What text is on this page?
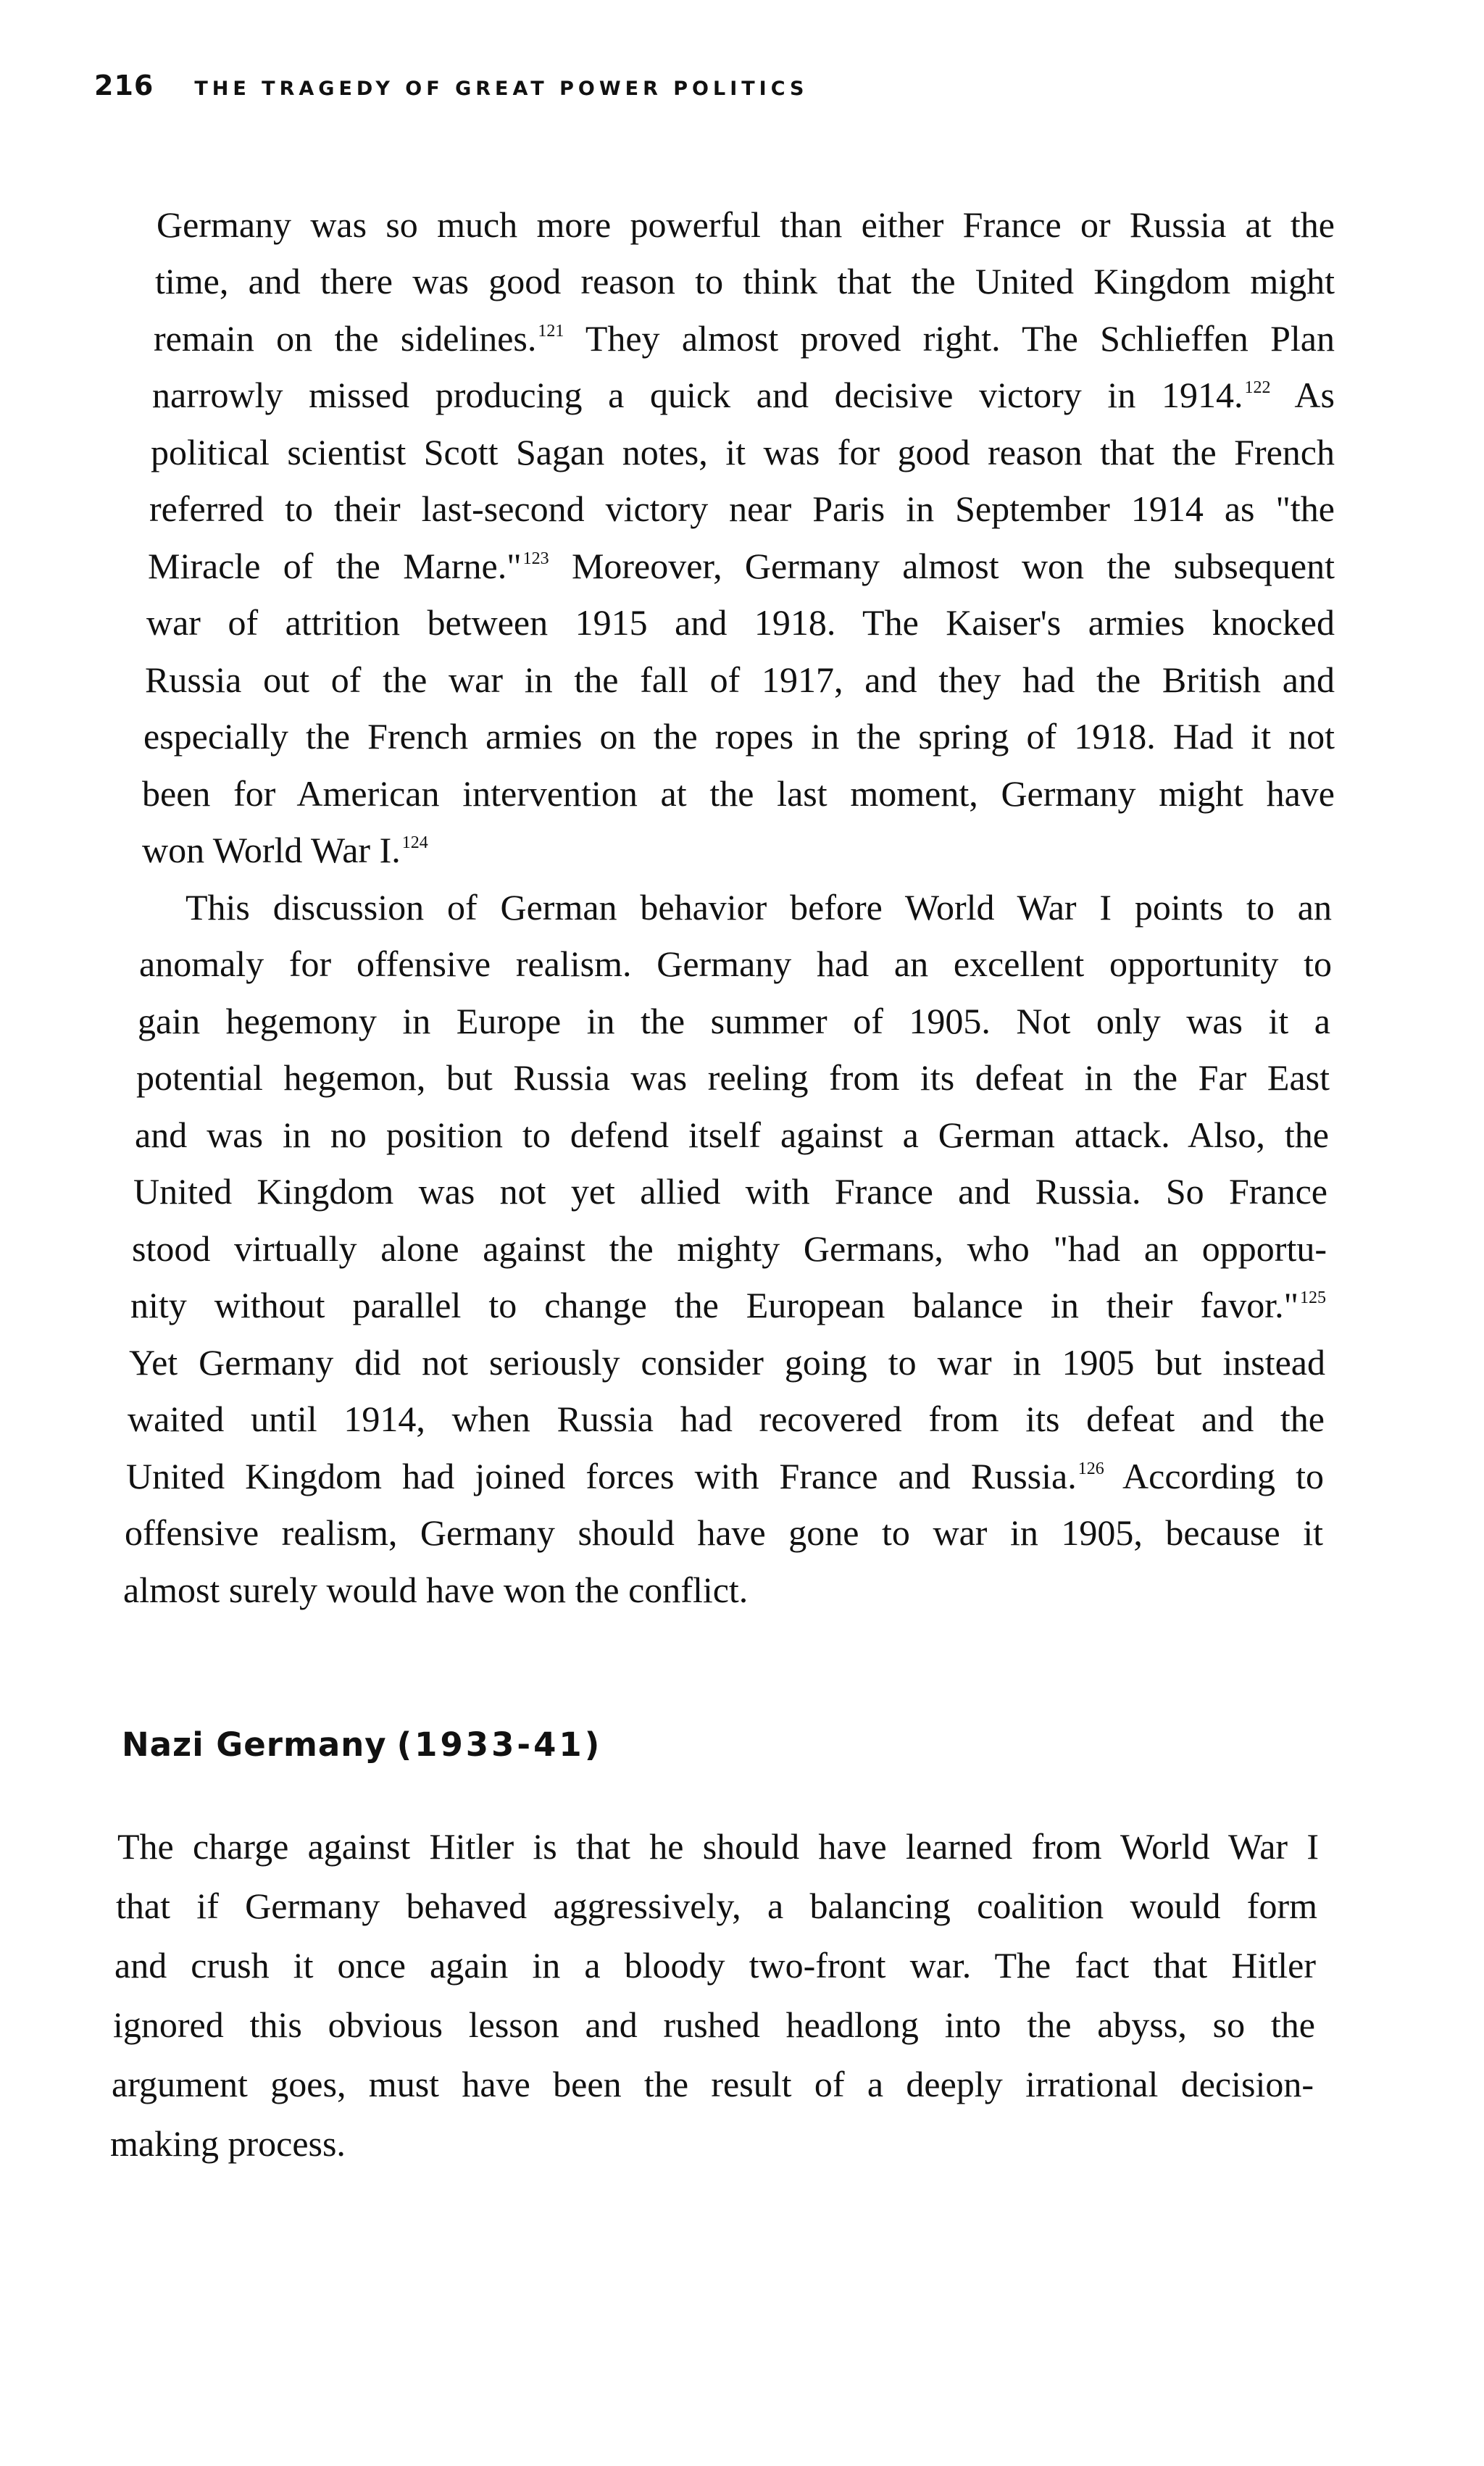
216 THE TRAGEDY OF GREAT POWER POLITICS
Germany was so much more powerful than either France or Russia at the
time, and there was good reason to think that the United Kingdom might
remain on the sidelines.$^{121}$ They almost proved right. The Schlieffen Plan
narrowly missed producing a quick and decisive victory in 1914.$^{122}$ As
political scientist Scott Sagan notes, it was for good reason that the French
referred to their last-second victory near Paris in September 1914 as "the
Miracle of the Marne."$^{123}$ Moreover, Germany almost won the subsequent
war of attrition between 1915 and 1918. The Kaiser's armies knocked
Russia out of the war in the fall of 1917, and they had the British and
especially the French armies on the ropes in the spring of 1918. Had it not
been for American intervention at the last moment, Germany might have
won World War I.$^{124}$
This discussion of German behavior before World War I points to an
anomaly for offensive realism. Germany had an excellent opportunity to
gain hegemony in Europe in the summer of 1905. Not only was it a
potential hegemon, but Russia was reeling from its defeat in the Far East
and was in no position to defend itself against a German attack. Also, the
United Kingdom was not yet allied with France and Russia. So France
stood virtually alone against the mighty Germans, who "had an opportu-
nity without parallel to change the European balance in their favor."$^{125}$
Yet Germany did not seriously consider going to war in 1905 but instead
waited until 1914, when Russia had recovered from its defeat and the
United Kingdom had joined forces with France and Russia.$^{126}$ According to
offensive realism, Germany should have gone to war in 1905, because it
almost surely would have won the conflict.
Nazi Germany (1933-41)
The charge against Hitler is that he should have learned from World War I
that if Germany behaved aggressively, a balancing coalition would form
and crush it once again in a bloody two-front war. The fact that Hitler
ignored this obvious lesson and rushed headlong into the abyss, so the
argument goes, must have been the result of a deeply irrational decision-
making process.
